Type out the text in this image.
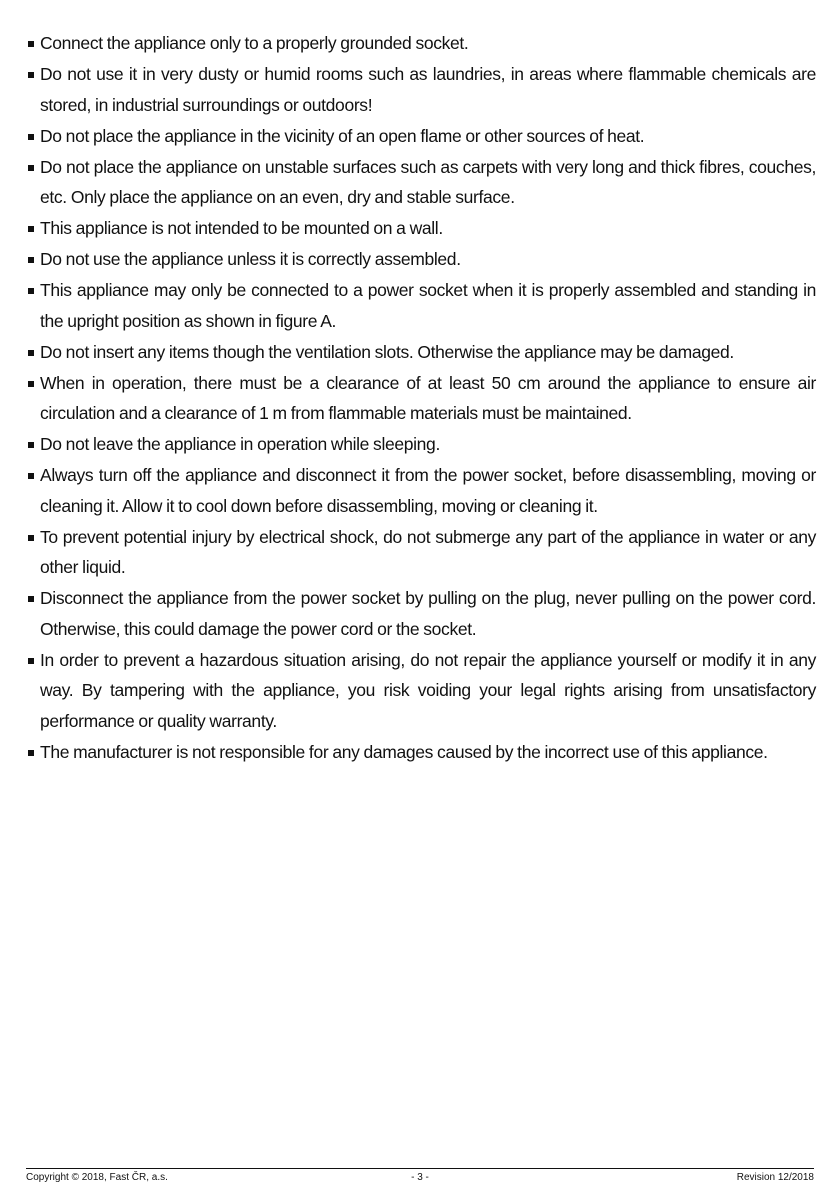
Connect the appliance only to a properly grounded socket.
Do not use it in very dusty or humid rooms such as laundries, in areas where flammable chemicals are stored, in industrial surroundings or outdoors!
Do not place the appliance in the vicinity of an open flame or other sources of heat.
Do not place the appliance on unstable surfaces such as carpets with very long and thick fibres, couches, etc. Only place the appliance on an even, dry and stable surface.
This appliance is not intended to be mounted on a wall.
Do not use the appliance unless it is correctly assembled.
This appliance may only be connected to a power socket when it is properly assembled and standing in the upright position as shown in figure A.
Do not insert any items though the ventilation slots. Otherwise the appliance may be damaged.
When in operation, there must be a clearance of at least 50 cm around the appliance to ensure air circulation and a clearance of 1 m from flammable materials must be maintained.
Do not leave the appliance in operation while sleeping.
Always turn off the appliance and disconnect it from the power socket, before disassembling, moving or cleaning it. Allow it to cool down before disassembling, moving or cleaning it.
To prevent potential injury by electrical shock, do not submerge any part of the appliance in water or any other liquid.
Disconnect the appliance from the power socket by pulling on the plug, never pulling on the power cord. Otherwise, this could damage the power cord or the socket.
In order to prevent a hazardous situation arising, do not repair the appliance yourself or modify it in any way. By tampering with the appliance, you risk voiding your legal rights arising from unsatisfactory performance or quality warranty.
The manufacturer is not responsible for any damages caused by the incorrect use of this appliance.
Copyright © 2018, Fast ČR, a.s.	- 3 -	Revision 12/2018
